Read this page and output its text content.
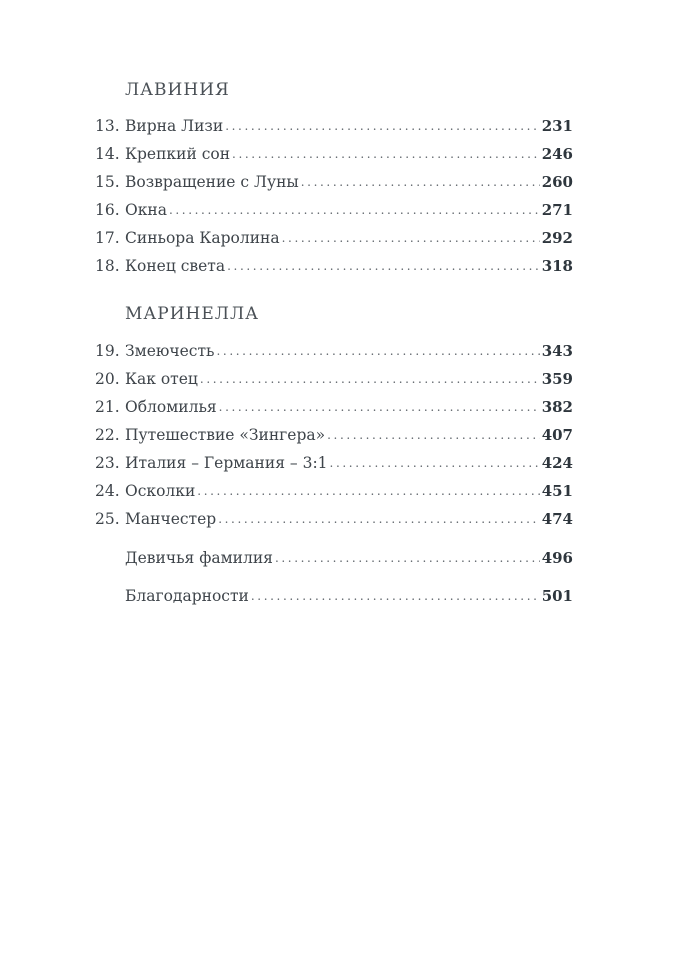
ЛАВИНИЯ
13. Вирна Лизи .....	231
14. Крепкий сон .....	246
15. Возвращение с Луны .....	260
16. Окна .....	271
17. Синьора Каролина .....	292
18. Конец света .....	318
МАРИНЕЛЛА
19. Змеючесть .....	343
20. Как отец .....	359
21. Обломилья .....	382
22. Путешествие «Зингера» .....	407
23. Италия – Германия – 3:1 .....	424
24. Осколки .....	451
25. Манчестер .....	474
Девичья фамилия .....	496
Благодарности .....	501
